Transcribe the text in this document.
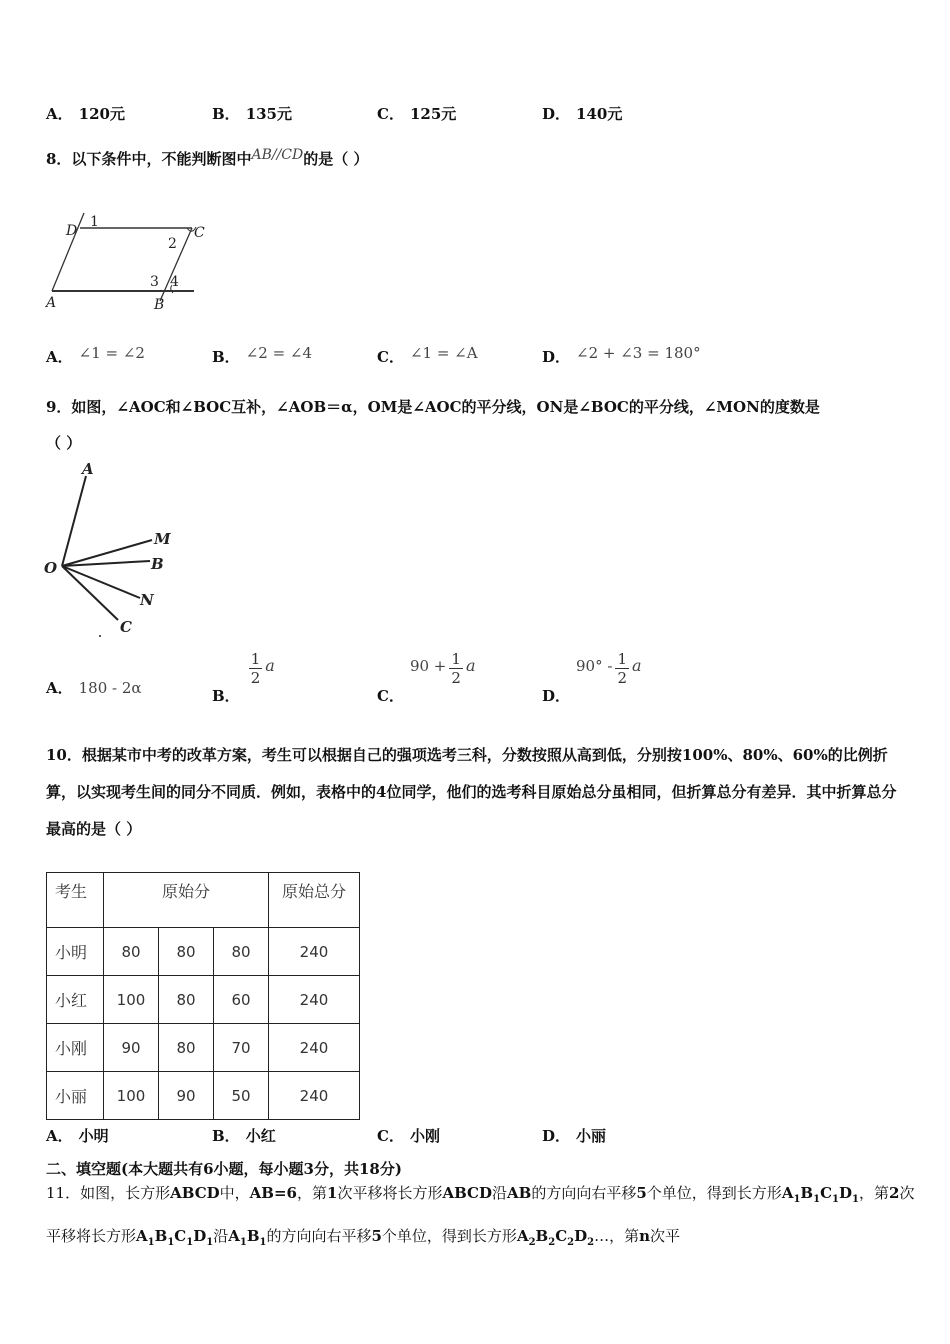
A． 120元	B． 135元	C． 125元	D． 140元
8．以下条件中，不能判断图中AB//CD的是（ ）
D	C
A	B
1
2
3 4
A． ∠1 = ∠2	B． ∠2 = ∠4	C． ∠1 = ∠A	D． ∠2 + ∠3 = 180°
9．如图，∠AOC和∠BOC互补，∠AOB＝α，OM是∠AOC的平分线，ON是∠BOC的平分线，∠MON的度数是
（ ）
A
M
O	B
N
C
A． 180 - 2α	B．
$\frac{1}{2}$ a
C．$90 + \frac{1}{2}$ a
D．$90^\circ - \frac{1}{2}$ a
10．根据某市中考的改革方案，考生可以根据自己的强项选考三科，分数按照从高到低，分别按100%、80%、60%的比例折算，以实现考生间的同分不同质．例如，表格中的4位同学，他们的选考科目原始总分虽相同，但折算总分有差异．其中折算总分最高的是（ ）
考生	原始分			原始总分
小明	80	80	80	240
小红	100	80	60	240
小刚	90	80	70	240
小丽	100	90	50	240
A． 小明	B． 小红	C． 小刚	D． 小丽
二、填空题(本大题共有6小题，每小题3分，共18分)
11．如图，长方形ABCD中，AB=6，第1次平移将长方形ABCD沿AB的方向向右平移5个单位，得到长方形$A_1B_1C_1D_1$，第2次平移将长方形$A_1B_1C_1D_1$沿$A_1B_1$的方向向右平移5个单位，得到长方形$A_2B_2C_2D_2\dots$，第n次平
